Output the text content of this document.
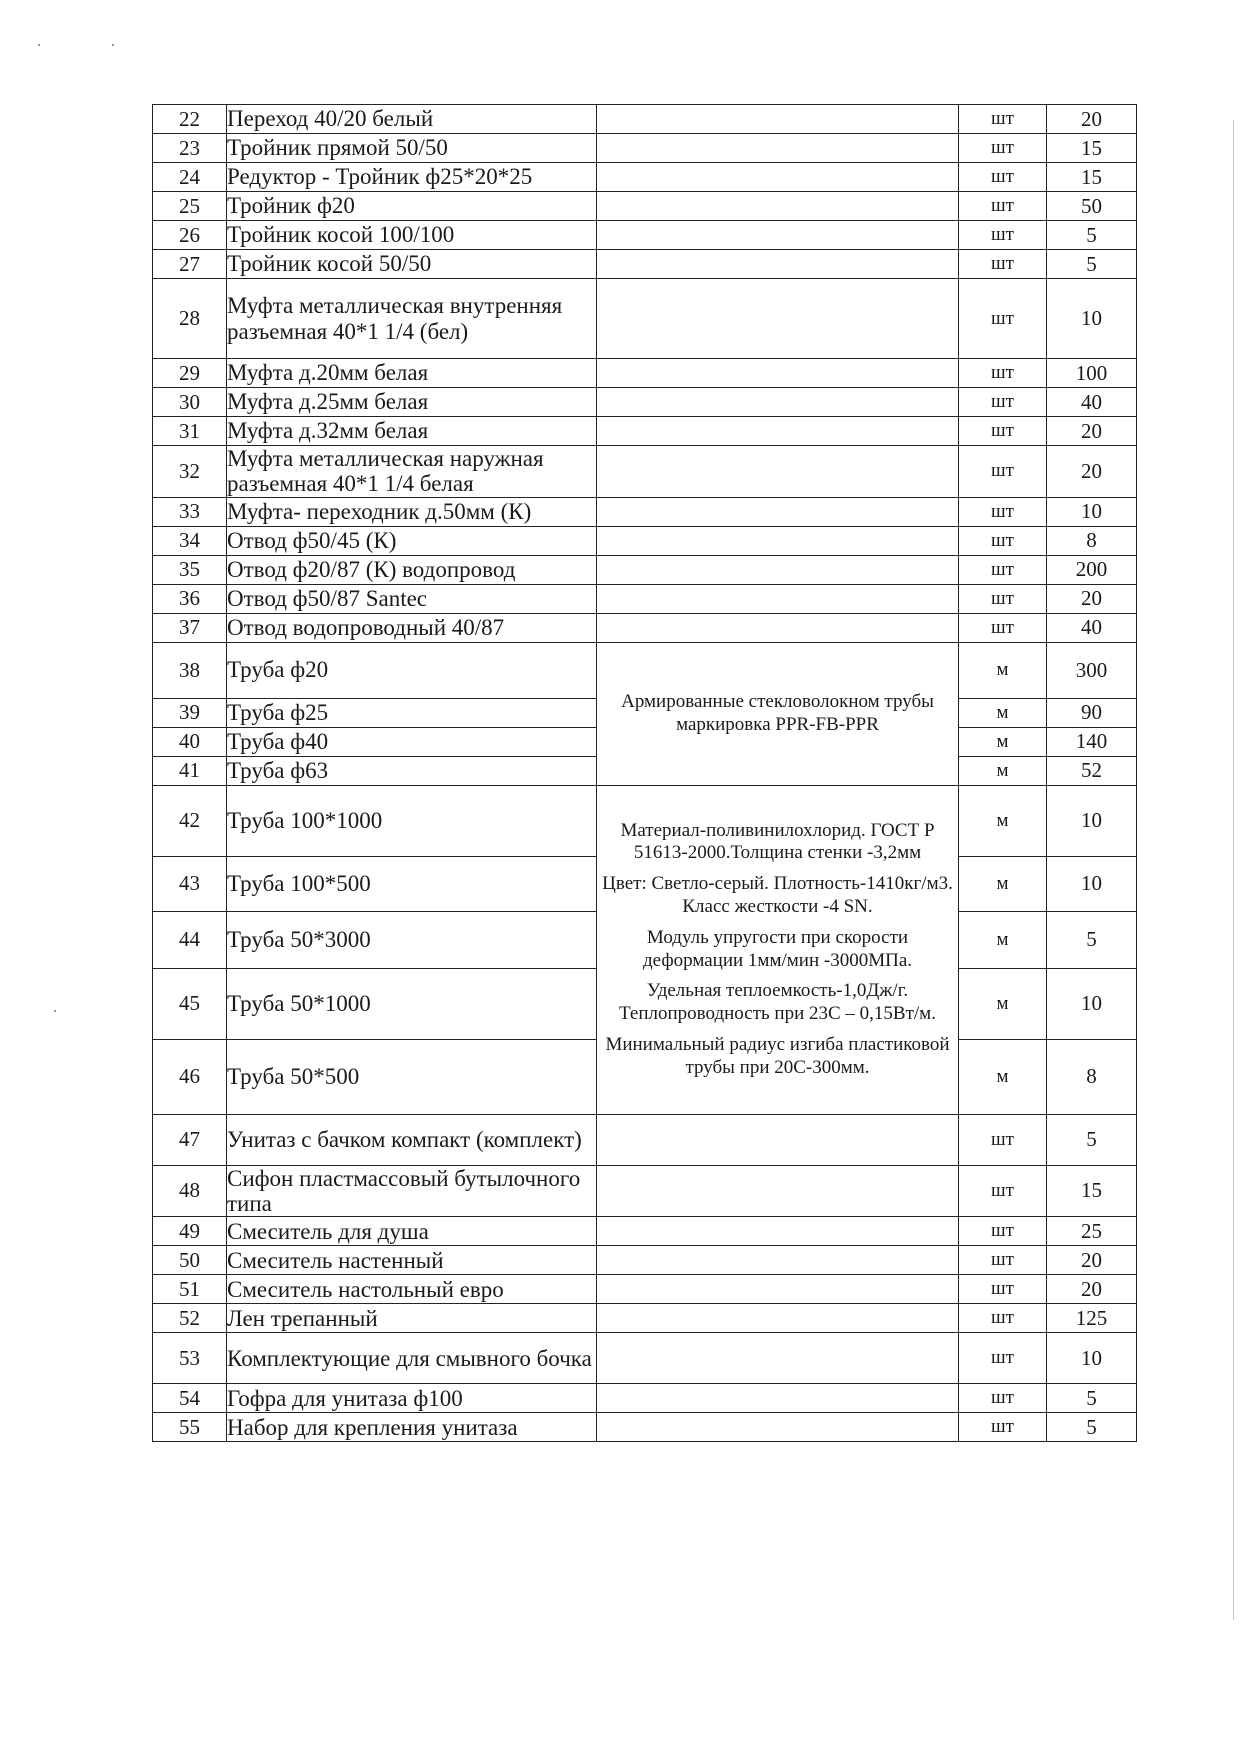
22	Переход 40/20 белый		шт	20
23	Тройник прямой 50/50		шт	15
24	Редуктор - Тройник ф25*20*25		шт	15
25	Тройник ф20		шт	50
26	Тройник косой 100/100		шт	5
27	Тройник косой 50/50		шт	5
28	Муфта металлическая внутренняя разъемная 40*1 1/4 (бел)		шт	10
29	Муфта д.20мм белая		шт	100
30	Муфта д.25мм белая		шт	40
31	Муфта д.32мм белая		шт	20
32	Муфта металлическая наружная разъемная 40*1 1/4 белая		шт	20
33	Муфта- переходник д.50мм (К)		шт	10
34	Отвод ф50/45 (К)		шт	8
35	Отвод ф20/87 (К) водопровод		шт	200
36	Отвод ф50/87 Santec		шт	20
37	Отвод водопроводный 40/87		шт	40
38	Труба ф20	Армированные стекловолокном трубы маркировка PPR-FB-PPR	м	300
39	Труба ф25		м	90
40	Труба ф40		м	140
41	Труба ф63		м	52
42	Труба 100*1000	Материал-поливинилохлорид. ГОСТ Р 51613-2000.Толщина стенки -3,2мм
Цвет: Светло-серый. Плотность-1410кг/м3. Класс жесткости -4 SN.
Модуль упругости при скорости деформации 1мм/мин -3000МПа.
Удельная теплоемкость-1,0Дж/г. Теплопроводность при 23С – 0,15Вт/м.
Минимальный радиус изгиба пластиковой трубы при 20С-300мм.	м	10
43	Труба 100*500		м	10
44	Труба 50*3000		м	5
45	Труба 50*1000		м	10
46	Труба 50*500		м	8
47	Унитаз с бачком компакт (комплект)		шт	5
48	Сифон пластмассовый бутылочного типа		шт	15
49	Смеситель для душа		шт	25
50	Смеситель настенный		шт	20
51	Смеситель настольный евро		шт	20
52	Лен трепанный		шт	125
53	Комплектующие для смывного бочка		шт	10
54	Гофра для унитаза ф100		шт	5
55	Набор для крепления унитаза		шт	5
